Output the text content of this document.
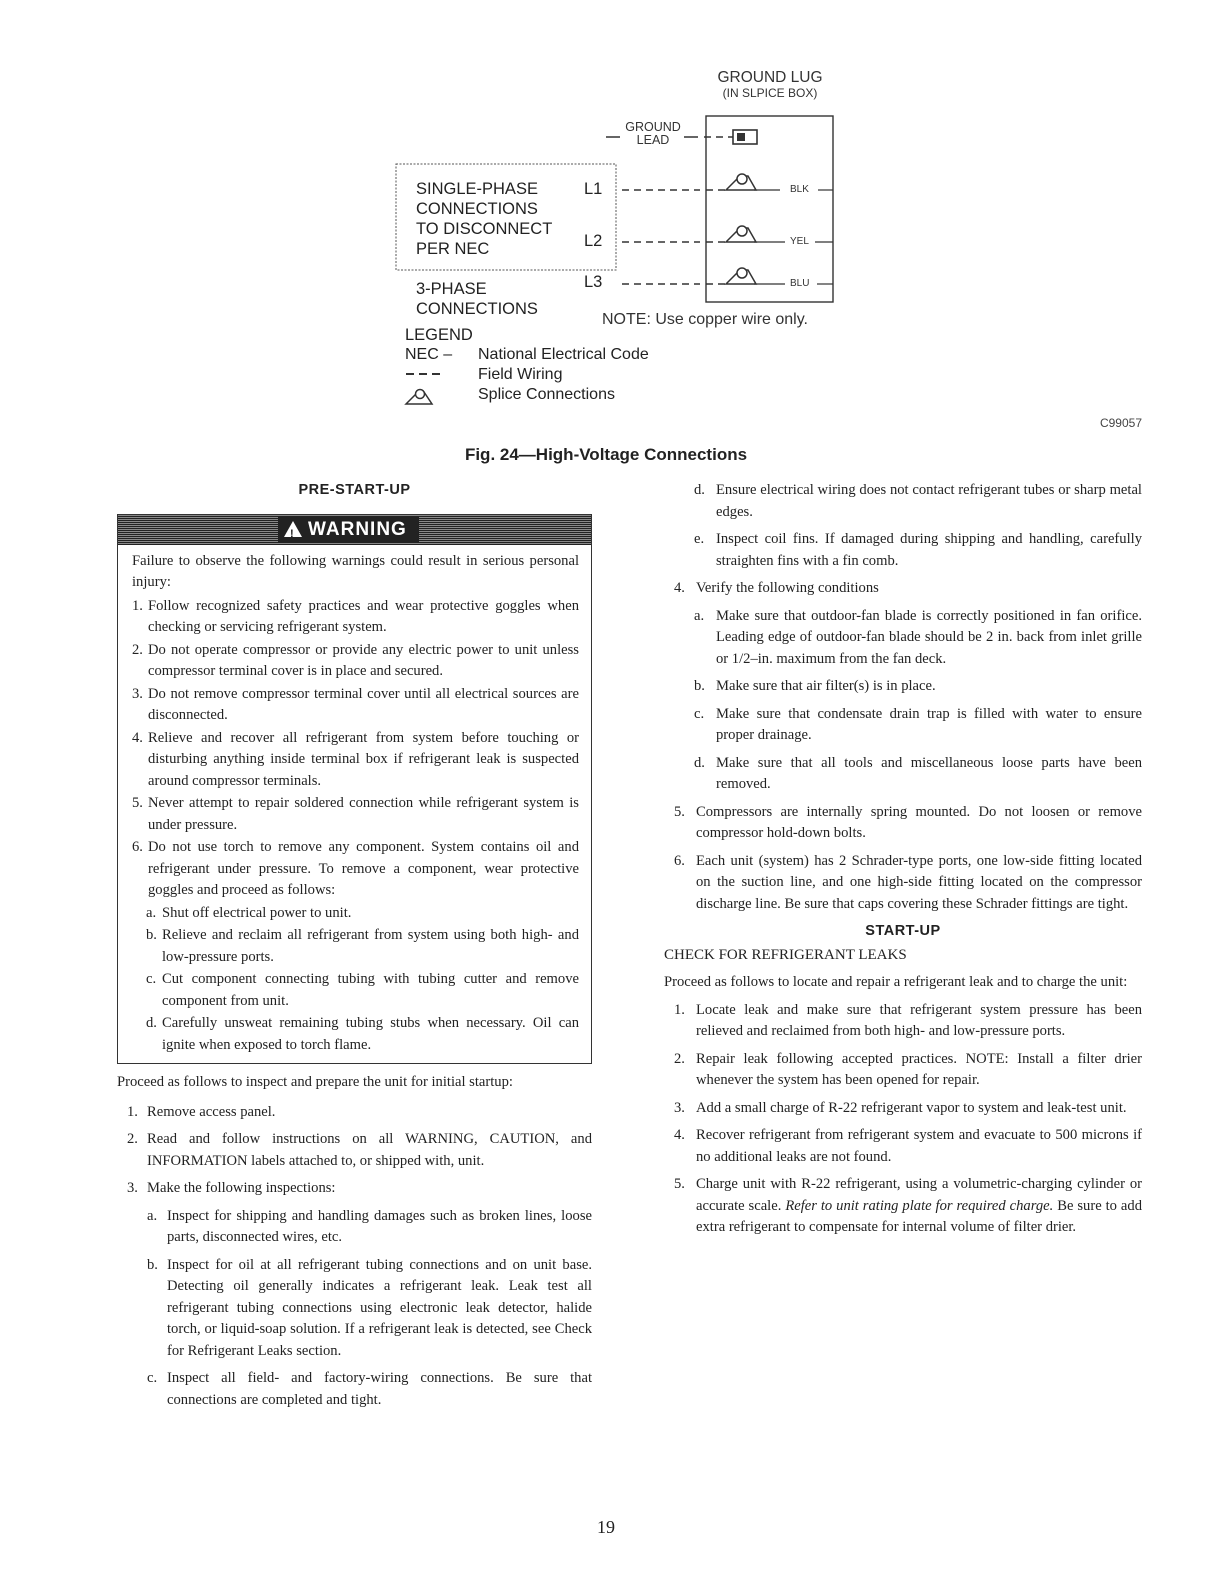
GROUND LUG
(IN SLPICE BOX)
GROUND
LEAD
SINGLE-PHASE
CONNECTIONS
TO DISCONNECT
PER NEC
3-PHASE
CONNECTIONS
L1
L2
L3
BLK
YEL
BLU
NOTE: Use copper wire only.
LEGEND
NEC – National Electrical Code
Field Wiring
Splice Connections
C99057
Fig. 24—High-Voltage Connections
PRE-START-UP
! WARNING
Failure to observe the following warnings could result in serious personal injury:
1. Follow recognized safety practices and wear protective goggles when checking or servicing refrigerant system.
2. Do not operate compressor or provide any electric power to unit unless compressor terminal cover is in place and secured.
3. Do not remove compressor terminal cover until all electrical sources are disconnected.
4. Relieve and recover all refrigerant from system before touching or disturbing anything inside terminal box if refrigerant leak is suspected around compressor terminals.
5. Never attempt to repair soldered connection while refrigerant system is under pressure.
6. Do not use torch to remove any component. System contains oil and refrigerant under pressure. To remove a component, wear protective goggles and proceed as follows:
a. Shut off electrical power to unit.
b. Relieve and reclaim all refrigerant from system using both high- and low-pressure ports.
c. Cut component connecting tubing with tubing cutter and remove component from unit.
d. Carefully unsweat remaining tubing stubs when necessary. Oil can ignite when exposed to torch flame.
Proceed as follows to inspect and prepare the unit for initial startup:
1. Remove access panel.
2. Read and follow instructions on all WARNING, CAUTION, and INFORMATION labels attached to, or shipped with, unit.
3. Make the following inspections:
a. Inspect for shipping and handling damages such as broken lines, loose parts, disconnected wires, etc.
b. Inspect for oil at all refrigerant tubing connections and on unit base. Detecting oil generally indicates a refrigerant leak. Leak test all refrigerant tubing connections using electronic leak detector, halide torch, or liquid-soap solution. If a refrigerant leak is detected, see Check for Refrigerant Leaks section.
c. Inspect all field- and factory-wiring connections. Be sure that connections are completed and tight.
d. Ensure electrical wiring does not contact refrigerant tubes or sharp metal edges.
e. Inspect coil fins. If damaged during shipping and handling, carefully straighten fins with a fin comb.
4. Verify the following conditions
a. Make sure that outdoor-fan blade is correctly positioned in fan orifice. Leading edge of outdoor-fan blade should be 2 in. back from inlet grille or 1/2–in. maximum from the fan deck.
b. Make sure that air filter(s) is in place.
c. Make sure that condensate drain trap is filled with water to ensure proper drainage.
d. Make sure that all tools and miscellaneous loose parts have been removed.
5. Compressors are internally spring mounted. Do not loosen or remove compressor hold-down bolts.
6. Each unit (system) has 2 Schrader-type ports, one low-side fitting located on the suction line, and one high-side fitting located on the compressor discharge line. Be sure that caps covering these Schrader fittings are tight.
START-UP
CHECK FOR REFRIGERANT LEAKS
Proceed as follows to locate and repair a refrigerant leak and to charge the unit:
1. Locate leak and make sure that refrigerant system pressure has been relieved and reclaimed from both high- and low-pressure ports.
2. Repair leak following accepted practices. NOTE: Install a filter drier whenever the system has been opened for repair.
3. Add a small charge of R-22 refrigerant vapor to system and leak-test unit.
4. Recover refrigerant from refrigerant system and evacuate to 500 microns if no additional leaks are not found.
5. Charge unit with R-22 refrigerant, using a volumetric-charging cylinder or accurate scale. Refer to unit rating plate for required charge. Be sure to add extra refrigerant to compensate for internal volume of filter drier.
19
